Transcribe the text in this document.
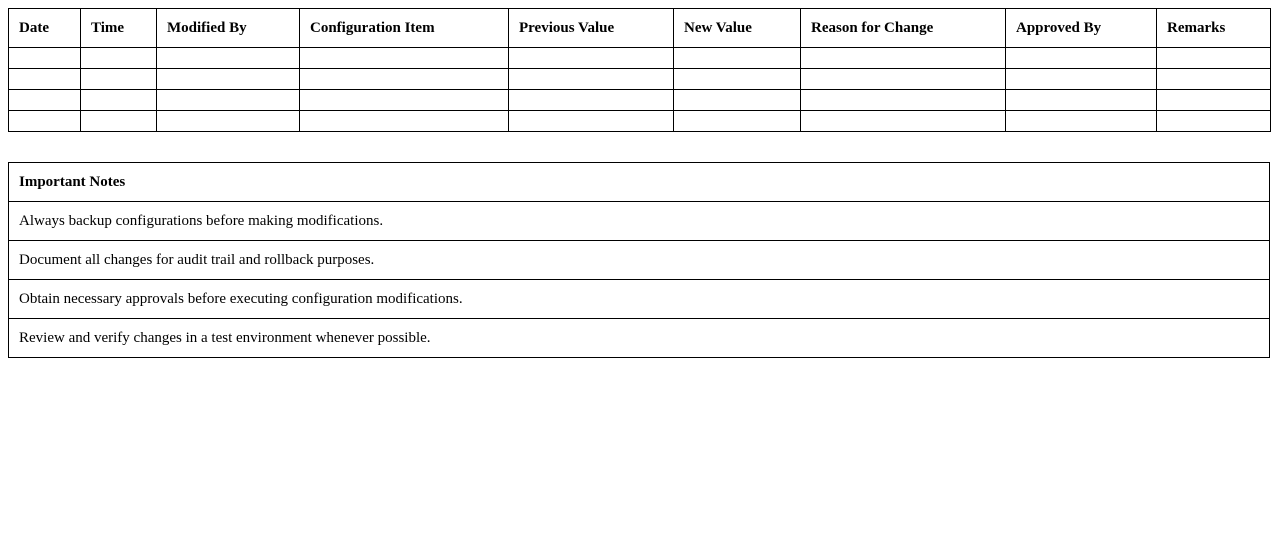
Date	Time	Modified By	Configuration Item	Previous Value	New Value	Reason for Change	Approved By	Remarks

Important Notes
Always backup configurations before making modifications.
Document all changes for audit trail and rollback purposes.
Obtain necessary approvals before executing configuration modifications.
Review and verify changes in a test environment whenever possible.
